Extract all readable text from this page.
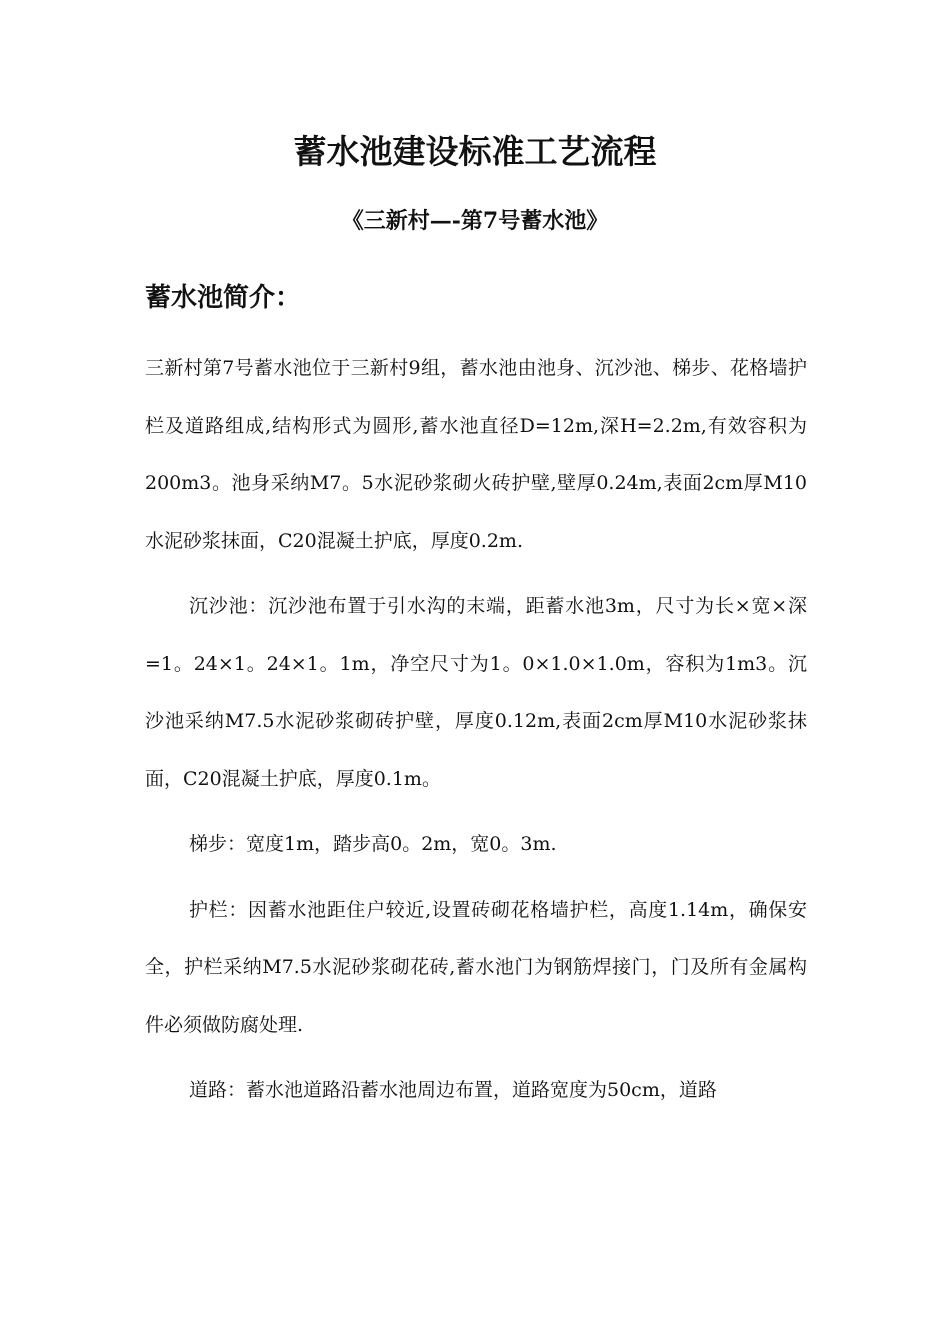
蓄水池建设标准工艺流程
《三新村—-第7号蓄水池》
蓄水池简介：

三新村第7号蓄水池位于三新村9组，蓄水池由池身、沉沙池、梯步、花格墙护栏及道路组成,结构形式为圆形,蓄水池直径D=12m,深H=2.2m,有效容积为200m3。池身采纳M7。5水泥砂浆砌火砖护壁,壁厚0.24m,表面2cm厚M10水泥砂浆抹面，C20混凝土护底，厚度0.2m.

沉沙池：沉沙池布置于引水沟的末端，距蓄水池3m，尺寸为长×宽×深=1。24×1。24×1。1m，净空尺寸为1。0×1.0×1.0m，容积为1m3。沉沙池采纳M7.5水泥砂浆砌砖护壁，厚度0.12m,表面2cm厚M10水泥砂浆抹面，C20混凝土护底，厚度0.1m。

梯步：宽度1m，踏步高0。2m，宽0。3m.

护栏：因蓄水池距住户较近,设置砖砌花格墙护栏，高度1.14m，确保安全，护栏采纳M7.5水泥砂浆砌花砖,蓄水池门为钢筋焊接门，门及所有金属构件必须做防腐处理.

道路：蓄水池道路沿蓄水池周边布置，道路宽度为50cm，道路
